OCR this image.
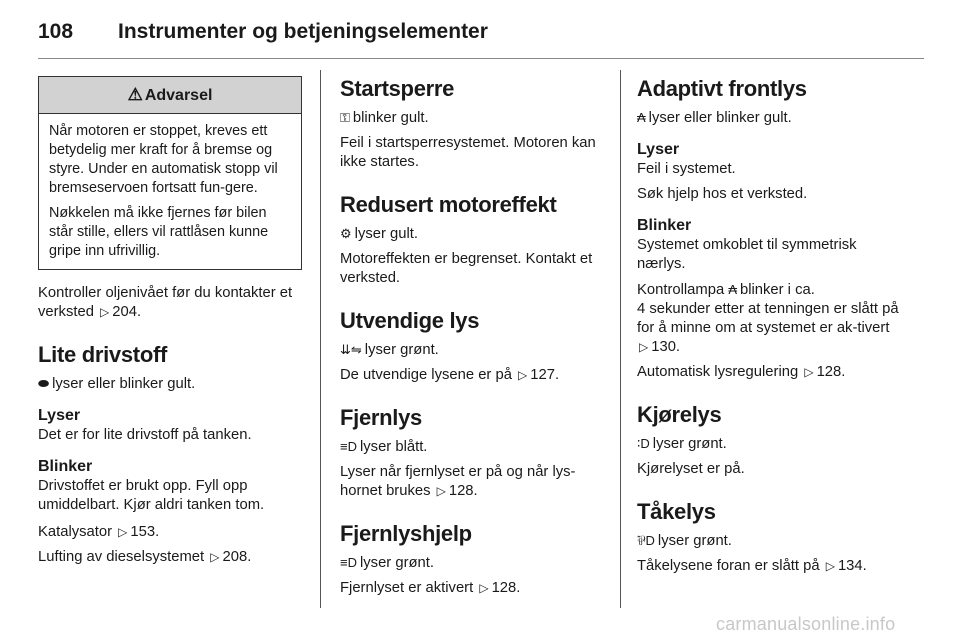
108 Instrumenter og betjeningselementer
⚠ Advarsel

Når motoren er stoppet, kreves ett betydelig mer kraft for å bremse og styre. Under en automatisk stopp vil bremseservoen fortsatt fun-gere.

Nøkkelen må ikke fjernes før bilen står stille, ellers vil rattlåsen kunne gripe inn ufrivillig.

Kontroller oljenivået før du kontakter et verksted ▷ 204.

Lite drivstoff

⬬ lyser eller blinker gult.

Lyser

Det er for lite drivstoff på tanken.

Blinker

Drivstoffet er brukt opp. Fyll opp umiddelbart. Kjør aldri tanken tom.

Katalysator ▷ 153.

Lufting av dieselsystemet ▷ 208.

Startsperre

⚿ blinker gult.

Feil i startsperresystemet. Motoren kan ikke startes.

Redusert motoreffekt

⚙ lyser gult.

Motoreffekten er begrenset. Kontakt et verksted.

Utvendige lys

⇊⇋ lyser grønt.

De utvendige lysene er på ▷ 127.

Fjernlys

≡D lyser blått.

Lyser når fjernlyset er på og når lys-hornet brukes ▷ 128.

Fjernlyshjelp

≡D lyser grønt.

Fjernlyset er aktivert ▷ 128.

Adaptivt frontlys

₳ lyser eller blinker gult.

Lyser

Feil i systemet.

Søk hjelp hos et verksted.

Blinker

Systemet omkoblet til symmetrisk nærlys.

Kontrollampa ₳ blinker i ca.

4 sekunder etter at tenningen er slått på for å minne om at systemet er ak-tivert ▷ 130.

Automatisk lysregulering ▷ 128.

Kjørelys

∶D lyser grønt.

Kjørelyset er på.

Tåkelys

⅌D lyser grønt.

Tåkelysene foran er slått på ▷ 134.

carmanualsonline.info
